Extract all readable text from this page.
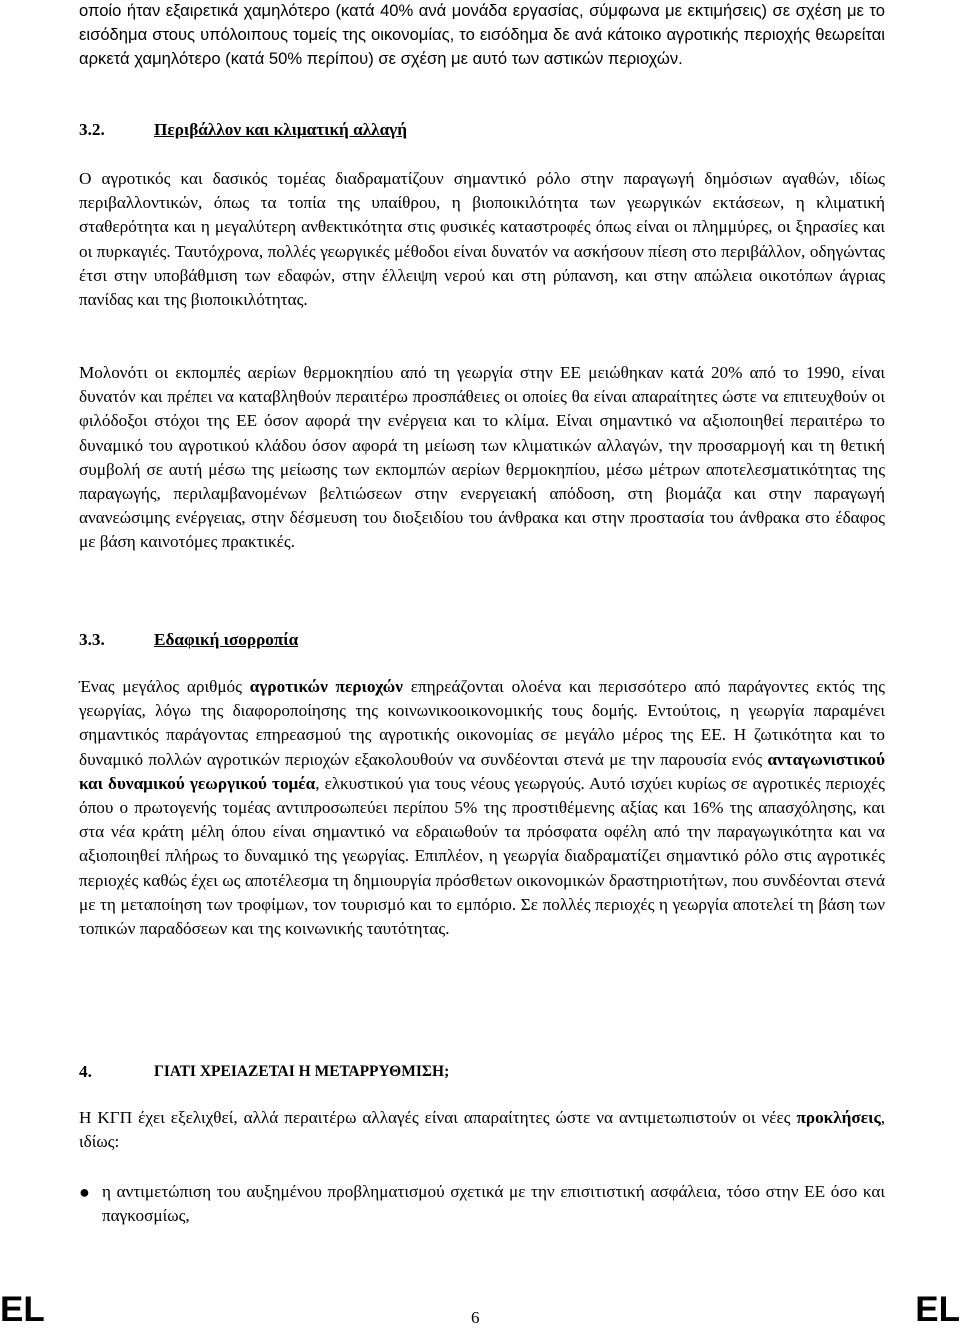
οποίο ήταν εξαιρετικά χαμηλότερο (κατά 40% ανά μονάδα εργασίας, σύμφωνα με εκτιμήσεις) σε σχέση με το εισόδημα στους υπόλοιπους τομείς της οικονομίας, το εισόδημα δε ανά κάτοικο αγροτικής περιοχής θεωρείται αρκετά χαμηλότερο (κατά 50% περίπου) σε σχέση με αυτό των αστικών περιοχών.

3.2.	Περιβάλλον και κλιματική αλλαγή

Ο αγροτικός και δασικός τομέας διαδραματίζουν σημαντικό ρόλο στην παραγωγή δημόσιων αγαθών, ιδίως περιβαλλοντικών, όπως τα τοπία της υπαίθρου, η βιοποικιλότητα των γεωργικών εκτάσεων, η κλιματική σταθερότητα και η μεγαλύτερη ανθεκτικότητα στις φυσικές καταστροφές όπως είναι οι πλημμύρες, οι ξηρασίες και οι πυρκαγιές. Ταυτόχρονα, πολλές γεωργικές μέθοδοι είναι δυνατόν να ασκήσουν πίεση στο περιβάλλον, οδηγώντας έτσι στην υποβάθμιση των εδαφών, στην έλλειψη νερού και στη ρύπανση, και στην απώλεια οικοτόπων άγριας πανίδας και της βιοποικιλότητας.

Μολονότι οι εκπομπές αερίων θερμοκηπίου από τη γεωργία στην ΕΕ μειώθηκαν κατά 20% από το 1990, είναι δυνατόν και πρέπει να καταβληθούν περαιτέρω προσπάθειες οι οποίες θα είναι απαραίτητες ώστε να επιτευχθούν οι φιλόδοξοι στόχοι της ΕΕ όσον αφορά την ενέργεια και το κλίμα. Είναι σημαντικό να αξιοποιηθεί περαιτέρω το δυναμικό του αγροτικού κλάδου όσον αφορά τη μείωση των κλιματικών αλλαγών, την προσαρμογή και τη θετική συμβολή σε αυτή μέσω της μείωσης των εκπομπών αερίων θερμοκηπίου, μέσω μέτρων αποτελεσματικότητας της παραγωγής, περιλαμβανομένων βελτιώσεων στην ενεργειακή απόδοση, στη βιομάζα και στην παραγωγή ανανεώσιμης ενέργειας, στην δέσμευση του διοξειδίου του άνθρακα και στην προστασία του άνθρακα στο έδαφος με βάση καινοτόμες πρακτικές.

3.3.	Εδαφική ισορροπία

Ένας μεγάλος αριθμός αγροτικών περιοχών επηρεάζονται ολοένα και περισσότερο από παράγοντες εκτός της γεωργίας, λόγω της διαφοροποίησης της κοινωνικοοικονομικής τους δομής. Εντούτοις, η γεωργία παραμένει σημαντικός παράγοντας επηρεασμού της αγροτικής οικονομίας σε μεγάλο μέρος της ΕΕ. Η ζωτικότητα και το δυναμικό πολλών αγροτικών περιοχών εξακολουθούν να συνδέονται στενά με την παρουσία ενός ανταγωνιστικού και δυναμικού γεωργικού τομέα, ελκυστικού για τους νέους γεωργούς. Αυτό ισχύει κυρίως σε αγροτικές περιοχές όπου ο πρωτογενής τομέας αντιπροσωπεύει περίπου 5% της προστιθέμενης αξίας και 16% της απασχόλησης, και στα νέα κράτη μέλη όπου είναι σημαντικό να εδραιωθούν τα πρόσφατα οφέλη από την παραγωγικότητα και να αξιοποιηθεί πλήρως το δυναμικό της γεωργίας. Επιπλέον, η γεωργία διαδραματίζει σημαντικό ρόλο στις αγροτικές περιοχές καθώς έχει ως αποτέλεσμα τη δημιουργία πρόσθετων οικονομικών δραστηριοτήτων, που συνδέονται στενά με τη μεταποίηση των τροφίμων, τον τουρισμό και το εμπόριο. Σε πολλές περιοχές η γεωργία αποτελεί τη βάση των τοπικών παραδόσεων και της κοινωνικής ταυτότητας.

4.	ΓΙΑΤΙ ΧΡΕΙΑΖΕΤΑΙ Η ΜΕΤΑΡΡΥΘΜΙΣΗ;

Η ΚΓΠ έχει εξελιχθεί, αλλά περαιτέρω αλλαγές είναι απαραίτητες ώστε να αντιμετωπιστούν οι νέες προκλήσεις, ιδίως:

● η αντιμετώπιση του αυξημένου προβληματισμού σχετικά με την επισιτιστική ασφάλεια, τόσο στην ΕΕ όσο και παγκοσμίως,

EL	6	EL
